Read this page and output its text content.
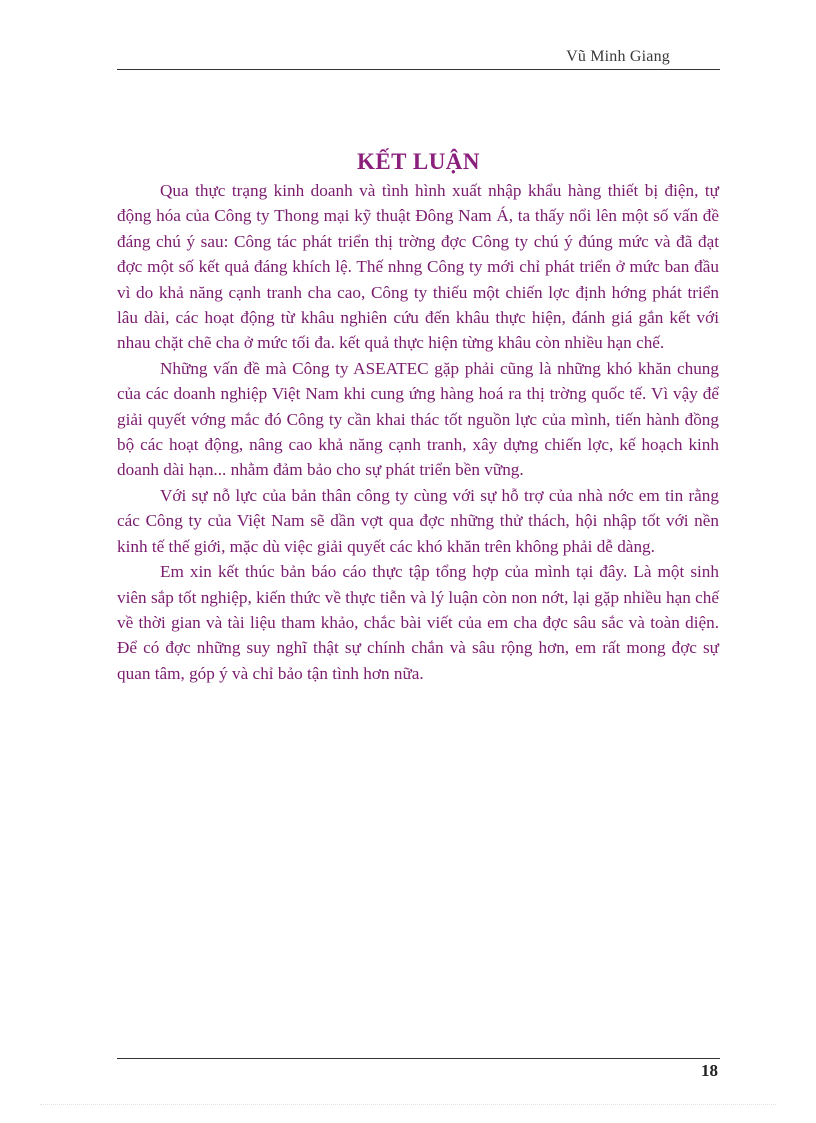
Vũ Minh Giang
KẾT LUẬN

Qua thực trạng kinh doanh và tình hình xuất nhập khẩu hàng thiết bị điện, tự động hóa của Công ty Thong mại kỹ thuật Đông Nam Á, ta thấy nổi lên một số vấn đề đáng chú ý sau: Công tác phát triển thị trờng đợc Công ty chú ý đúng mức và đã đạt đợc một số kết quả đáng khích lệ. Thế nhng Công ty mới chỉ phát triển ở mức ban đầu vì do khả năng cạnh tranh cha cao, Công ty thiếu một chiến lợc định hớng phát triển lâu dài, các hoạt động từ khâu nghiên cứu đến khâu thực hiện, đánh giá gắn kết với nhau chặt chẽ cha ở mức tối đa. kết quả thực hiện từng khâu còn nhiều hạn chế.

Những vấn đề mà Công ty ASEATEC gặp phải cũng là những khó khăn chung của các doanh nghiệp Việt Nam khi cung ứng hàng hoá ra thị trờng quốc tế. Vì vậy để giải quyết vớng mắc đó Công ty cần khai thác tốt nguồn lực của mình, tiến hành đồng bộ các hoạt động, nâng cao khả năng cạnh tranh, xây dựng chiến lợc, kế hoạch kinh doanh dài hạn... nhằm đảm bảo cho sự phát triển bền vững.

Với sự nỗ lực của bản thân công ty cùng với sự hỗ trợ của nhà nớc em tin rằng các Công ty của Việt Nam sẽ dần vợt qua đợc những thử thách, hội nhập tốt với nền kinh tế thế giới, mặc dù việc giải quyết các khó khăn trên không phải dễ dàng.

Em xin kết thúc bản báo cáo thực tập tổng hợp của mình tại đây. Là một sinh viên sắp tốt nghiệp, kiến thức về thực tiễn và lý luận còn non nớt, lại gặp nhiều hạn chế về thời gian và tài liệu tham khảo, chắc bài viết của em cha đợc sâu sắc và toàn diện. Để có đợc những suy nghĩ thật sự chính chắn và sâu rộng hơn, em rất mong đợc sự quan tâm, góp ý và chỉ bảo tận tình hơn nữa.

18
